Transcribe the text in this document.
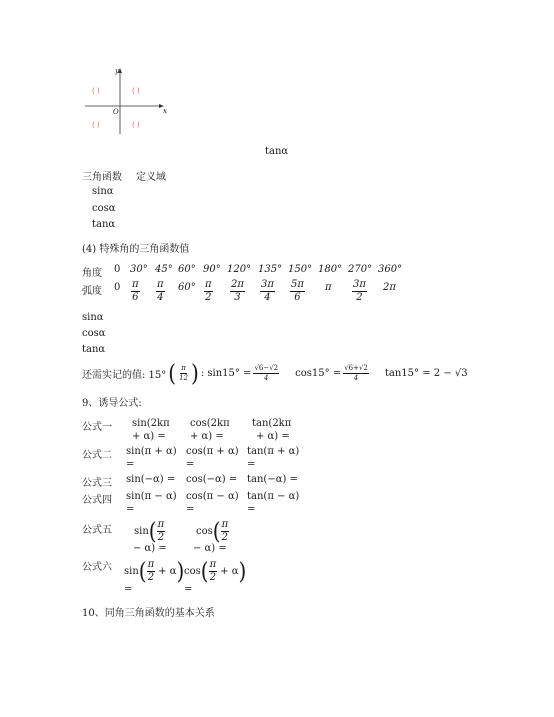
y
x
O
( )	( )
( )	( )
tanα
三角函数 定义域
sinα
cosα
tanα
(4) 特殊角的三角函数值
角度 0 30° 45° 60° 90° 120° 135° 150° 180° 270° 360°
弧度 $0 \frac{\pi}{6} \frac{\pi}{4} 60^\circ \frac{\pi}{2} \frac{2\pi}{3} \frac{3\pi}{4} \frac{5\pi}{6}$ π $\frac{3\pi}{2} 2\pi$
sinα
cosα
tanα
还需实记的值: 15° ( $\frac{\pi}{12}$ ) : $\sin 15^\circ = \frac{√6-√2}{4} \cos 15^\circ = \frac{√6+√2}{4} \tan 15^\circ = 2 - √3$
9、诱导公式:
公式一 sin(2kπ
+ α) =
cos(2kπ
+ α) =
tan(2kπ
+ α) =
公式二 sin(π + α)
=
cos(π + α)
=
tan(π + α)
=
公式三 sin(−α) = cos(−α) = tan(−α) =
公式四 sin(π − α)
=
cos(π − α)
=
tan(π − α)
=
公式五 sin ( $\frac{\pi}{2}$
− α) =
cos ( $\frac{\pi}{2}$
− α) =
公式六 sin ( $\frac{\pi}{2} + \alpha$ )
=
cos ( $\frac{\pi}{2} + \alpha$ )
=
10、同角三角函数的基本关系
